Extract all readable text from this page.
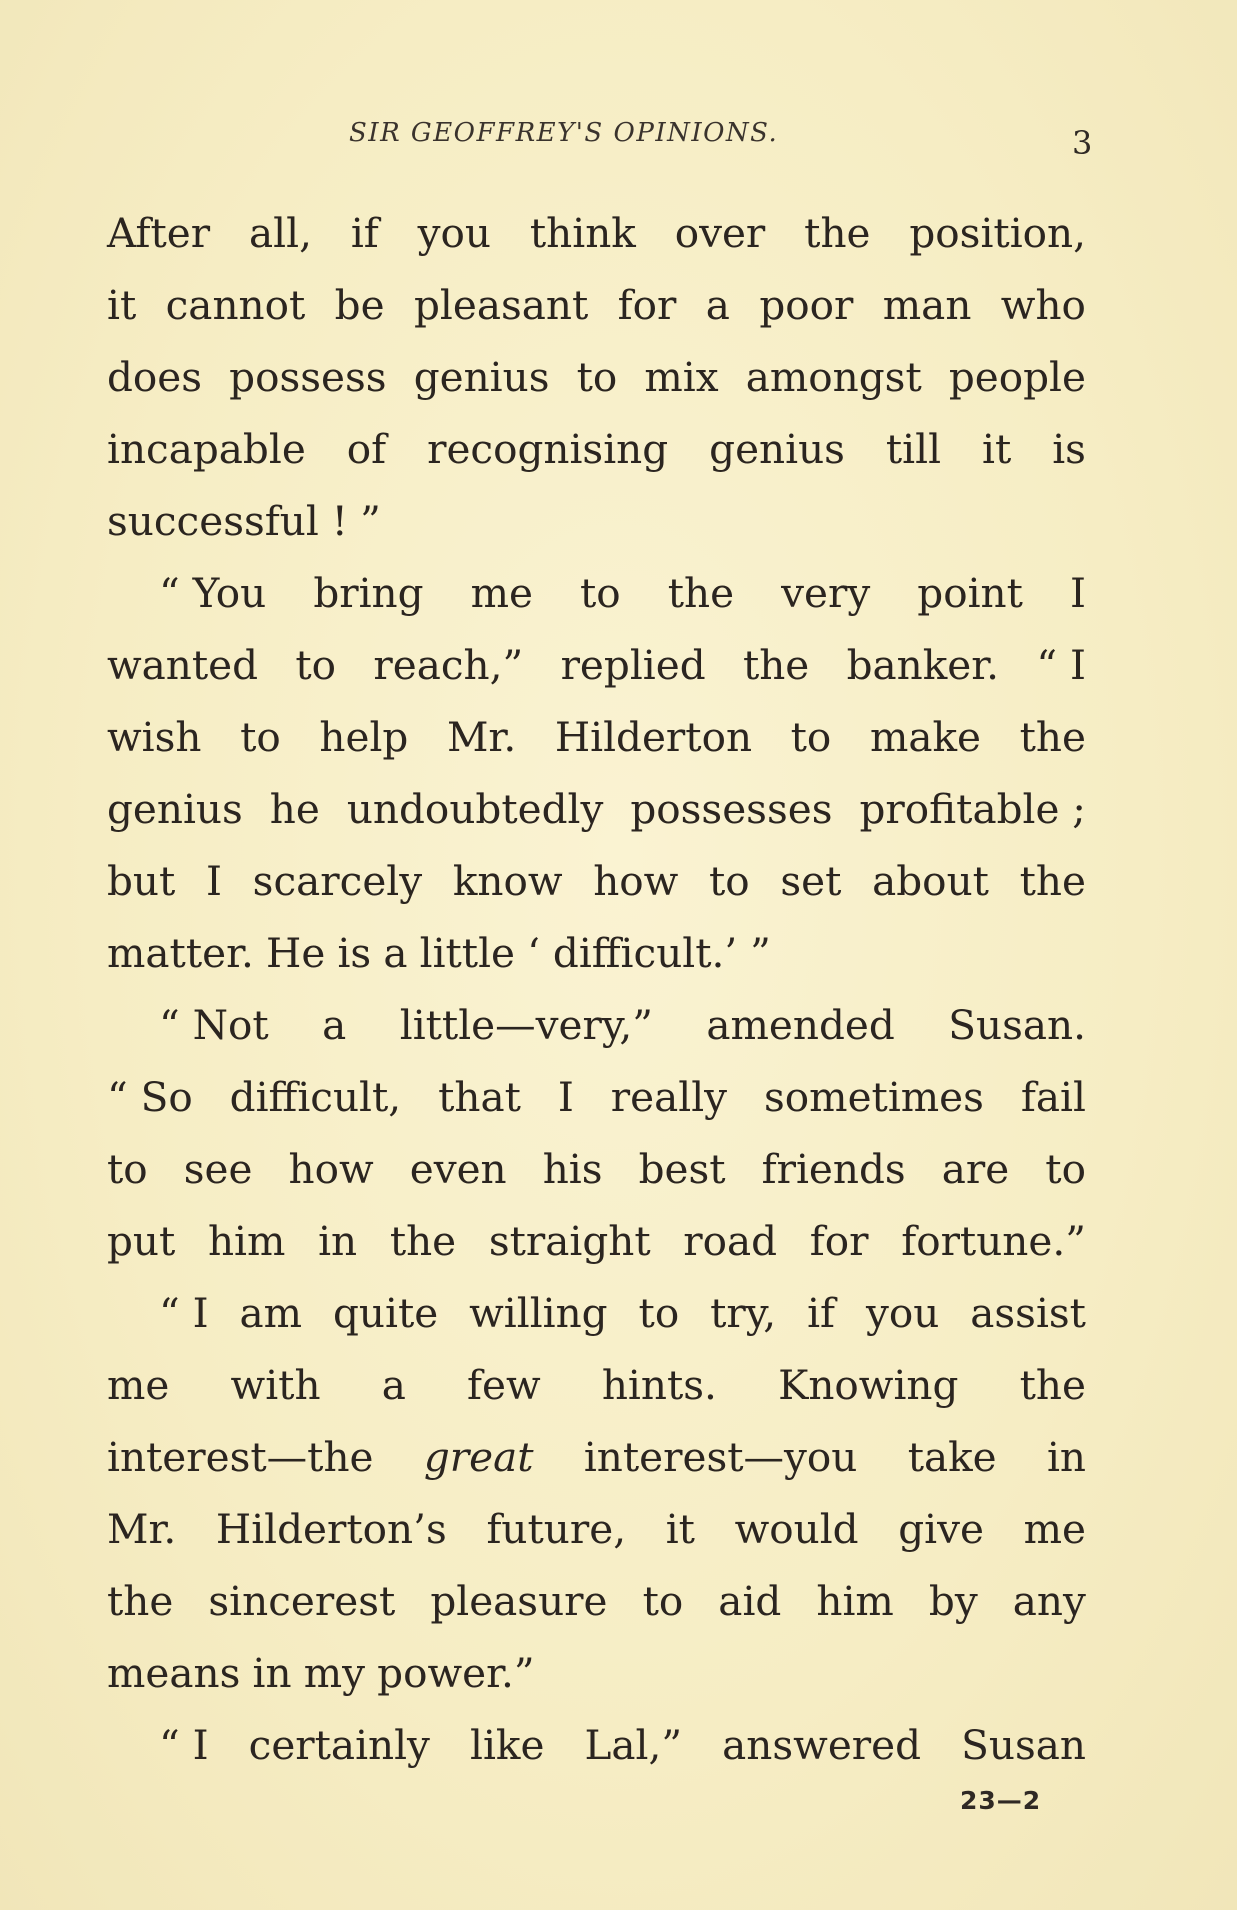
SIR GEOFFREY'S OPINIONS.	3
After all, if you think over the position,
it cannot be pleasant for a poor man who
does possess genius to mix amongst people
incapable of recognising genius till it is
successful ! ”
“ You bring me to the very point I
wanted to reach,” replied the banker. “ I
wish to help Mr. Hilderton to make the
genius he undoubtedly possesses profitable ;
but I scarcely know how to set about the
matter. He is a little ‘ difficult.’ ”
“ Not a little—very,” amended Susan.
“ So difficult, that I really sometimes fail
to see how even his best friends are to
put him in the straight road for fortune.”
“ I am quite willing to try, if you assist
me with a few hints. Knowing the
interest—the great interest—you take in
Mr. Hilderton’s future, it would give me
the sincerest pleasure to aid him by any
means in my power.”
“ I certainly like Lal,” answered Susan
23—2
